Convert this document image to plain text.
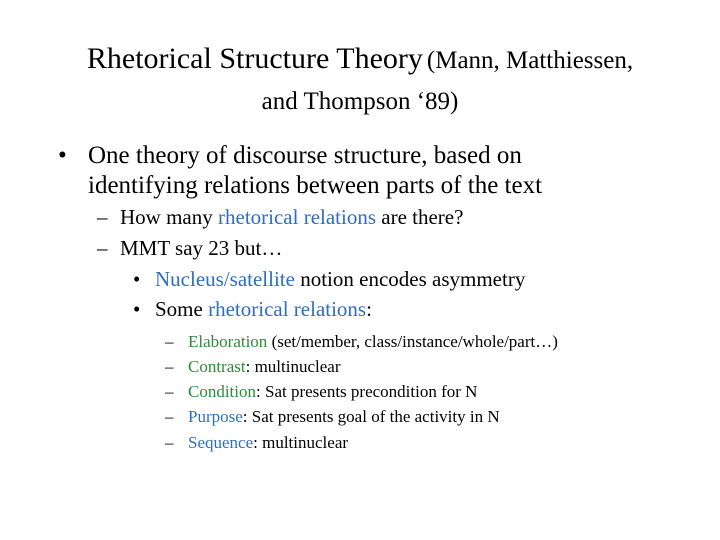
Rhetorical Structure Theory (Mann, Matthiessen,
and Thompson ‘89)
• One theory of discourse structure, based on
identifying relations between parts of the text
– How many rhetorical relations are there?
– MMT say 23 but…
• Nucleus/satellite notion encodes asymmetry
• Some rhetorical relations:
– Elaboration (set/member, class/instance/whole/part…)
– Contrast: multinuclear
– Condition: Sat presents precondition for N
– Purpose: Sat presents goal of the activity in N
– Sequence: multinuclear
